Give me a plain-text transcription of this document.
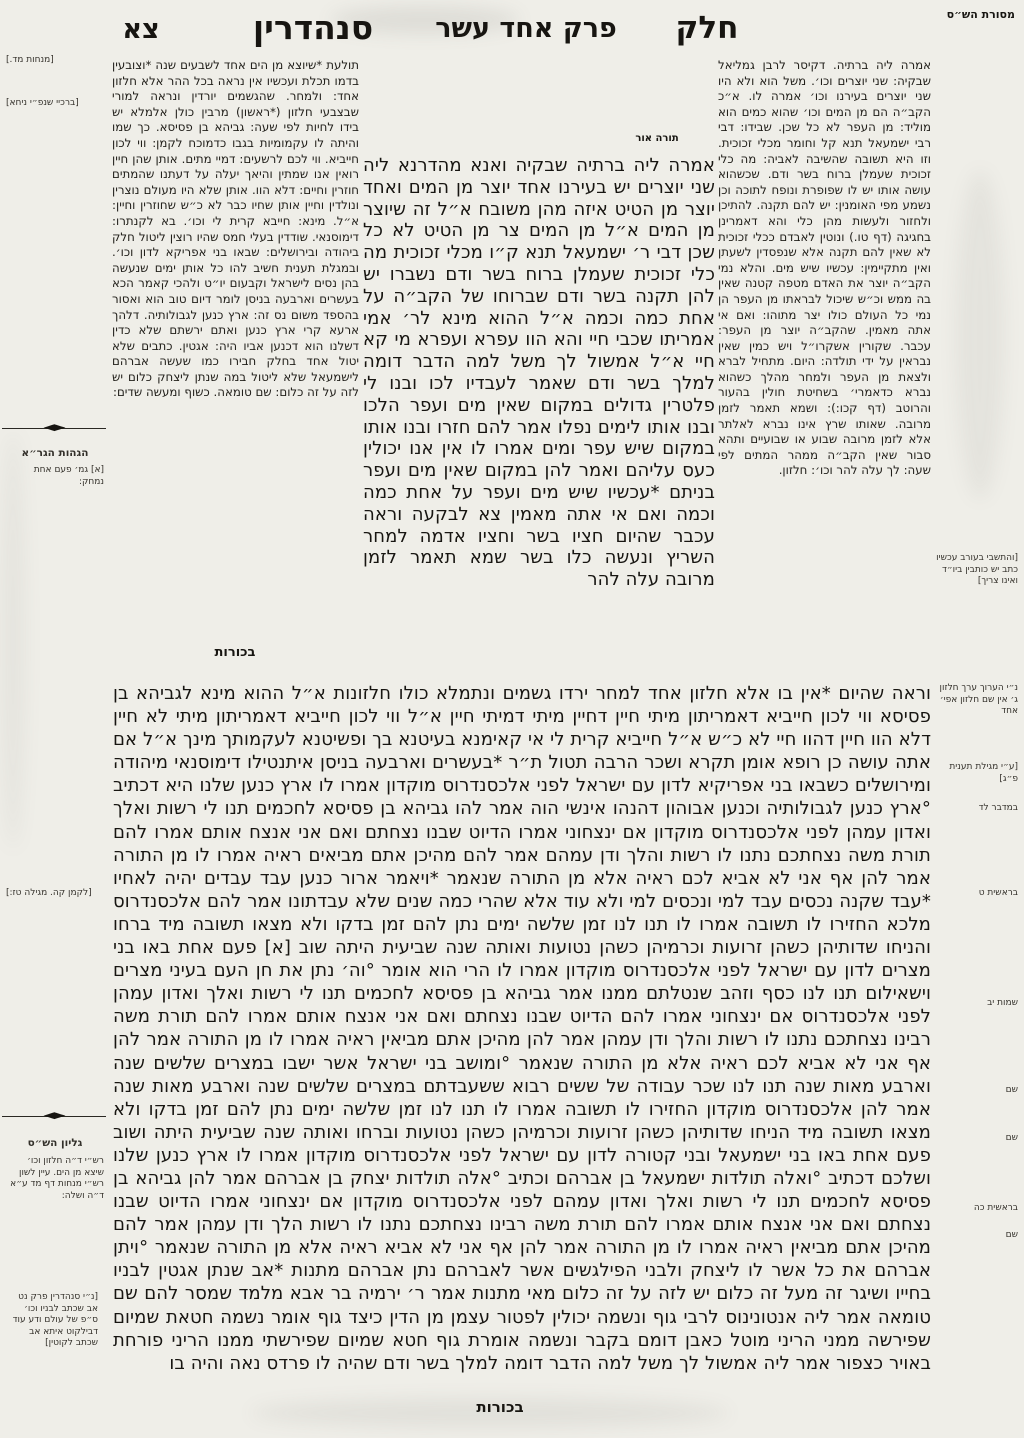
מסורת הש״ס
חלק
פרק אחד עשר
סנהדרין
צא
תורה אור
אמרה ליה ברתיה. דקיסר לרבן גמליאל שבקיה: שני יוצרים וכו׳. משל הוא ולא היו שני יוצרים בעירנו וכו׳ אמרה לו. א״כ הקב״ה הם מן המים וכו׳ שהוא כמים הוא מוליד: מן העפר לא כל שכן. שבידו: דבי רבי ישמעאל תנא קל וחומר מכלי זכוכית. וזו היא תשובה שהשיבה לאביה: מה כלי זכוכית שעמלן ברוח בשר ודם. שכשהוא עושה אותו יש לו שפופרת ונופח לתוכה וכן נשמע מפי האומנין: יש להם תקנה. להתיכן ולחזור ולעשות מהן כלי והא דאמרינן בחגיגה (דף טו.) ונוטין לאבדם ככלי זכוכית לא שאין להם תקנה אלא שנפסדין לשעתן ואין מתקיימין: עכשיו שיש מים. והלא נמי הקב״ה יוצר את האדם מטפה קטנה שאין בה ממש וכ״ש שיכול לבראתו מן העפר הן נמי כל העולם כולו יצר מתוהו: ואם אי אתה מאמין. שהקב״ה יוצר מן העפר: עכבר. שקורין אשקרו״ל ויש כמין שאין נבראין על ידי תולדה: היום. מתחיל לברא ולצאת מן העפר ולמחר מהלך כשהוא נברא כדאמרי׳ בשחיטת חולין בהעור והרוטב (דף קכו:): ושמא תאמר לזמן מרובה. שאותו שרץ אינו נברא לאלתר אלא לזמן מרובה שבוע או שבועיים ותהא סבור שאין הקב״ה ממהר המתים לפי שעה: לך עלה להר וכו׳: חלזון.
אמרה ליה ברתיה שבקיה ואנא מהדרנא ליה שני יוצרים יש בעירנו אחד יוצר מן המים ואחד יוצר מן הטיט איזה מהן משובח א״ל זה שיוצר מן המים א״ל מן המים צר מן הטיט לא כל שכן דבי ר׳ ישמעאל תנא ק״ו מכלי זכוכית מה כלי זכוכית שעמלן ברוח בשר ודם נשברו יש להן תקנה בשר ודם שברוחו של הקב״ה על אחת כמה וכמה א״ל ההוא מינא לר׳ אמי אמריתו שכבי חיי והא הוו עפרא ועפרא מי קא חיי א״ל אמשול לך משל למה הדבר דומה למלך בשר ודם שאמר לעבדיו לכו ובנו לי פלטרין גדולים במקום שאין מים ועפר הלכו ובנו אותו לימים נפלו אמר להם חזרו ובנו אותו במקום שיש עפר ומים אמרו לו אין אנו יכולין כעס עליהם ואמר להן במקום שאין מים ועפר בניתם *עכשיו שיש מים ועפר על אחת כמה וכמה ואם אי אתה מאמין צא לבקעה וראה עכבר שהיום חציו בשר וחציו אדמה למחר השריץ ונעשה כלו בשר שמא תאמר לזמן מרובה עלה להר
תולעת *שיוצא מן הים אחד לשבעים שנה *וצובעין בדמו תכלת ועכשיו אין נראה בכל ההר אלא חלזון אחד: ולמחר. שהגשמים יורדין ונראה למורי שבצבעי חלזון (*ראשון) מרבין כולן אלמלא יש בידו לחיות לפי שעה: גביהא בן פסיסא. כך שמו והיתה לו עקמומיות בגבו כדמוכח לקמן: ווי לכון חייביא. ווי לכם לרשעים: דמיי מתים. אותן שהן חיין רואין אנו שמתין והיאך יעלה על דעתנו שהמתים חוזרין וחיים: דלא הוו. אותן שלא היו מעולם נוצרין ונולדין וחיין אותן שחיו כבר לא כ״ש שחוזרין וחיין: א״ל. מינא: חייבא קרית לי וכו׳. בא לקנתרו: דימוסנאי. שודדין בעלי חמס שהיו רוצין ליטול חלק ביהודה ובירושלים: שבאו בני אפריקא לדון וכו׳. ובמגלת תענית חשיב להו כל אותן ימים שנעשה בהן נסים לישראל וקבעום יו״ט ולהכי קאמר הכא בעשרים וארבעה בניסן לומר דיום טוב הוא ואסור בהספד משום נס זה: ארץ כנען לגבולותיה. דלהך ארעא קרי ארץ כנען ואתם ירשתם שלא כדין דשלנו הוא דכנען אביו היה: אגטין. כתבים שלא יטול אחד בחלק חבירו כמו שעשה אברהם לישמעאל שלא ליטול במה שנתן ליצחק כלום יש לזה על זה כלום: שם טומאה. כשוף ומעשה שדים:
בכורות
וראה שהיום *אין בו אלא חלזון אחד למחר ירדו גשמים ונתמלא כולו חלזונות א״ל ההוא מינא לגביהא בן פסיסא ווי לכון חייביא דאמריתון מיתי חיין דחיין מיתי דמיתי חיין א״ל ווי לכון חייביא דאמריתון מיתי לא חיין דלא הוו חיין דהוו חיי לא כ״ש א״ל חייביא קרית לי אי קאימנא בעיטנא בך ופשיטנא לעקמותך מינך א״ל אם אתה עושה כן רופא אומן תקרא ושכר הרבה תטול ת״ר *בעשרים וארבעה בניסן איתנטילו דימוסנאי מיהודה ומירושלים כשבאו בני אפריקיא לדון עם ישראל לפני אלכסנדרוס מוקדון אמרו לו ארץ כנען שלנו היא דכתיב °ארץ כנען לגבולותיה וכנען אבוהון דהנהו אינשי הוה אמר להו גביהא בן פסיסא לחכמים תנו לי רשות ואלך ואדון עמהן לפני אלכסנדרוס מוקדון אם ינצחוני אמרו הדיוט שבנו נצחתם ואם אני אנצח אותם אמרו להם תורת משה נצחתכם נתנו לו רשות והלך ודן עמהם אמר להם מהיכן אתם מביאים ראיה אמרו לו מן התורה אמר להן אף אני לא אביא לכם ראיה אלא מן התורה שנאמר *ויאמר ארור כנען עבד עבדים יהיה לאחיו *עבד שקנה נכסים עבד למי ונכסים למי ולא עוד אלא שהרי כמה שנים שלא עבדתונו אמר להם אלכסנדרוס מלכא החזירו לו תשובה אמרו לו תנו לנו זמן שלשה ימים נתן להם זמן בדקו ולא מצאו תשובה מיד ברחו והניחו שדותיהן כשהן זרועות וכרמיהן כשהן נטועות ואותה שנה שביעית היתה שוב [א] פעם אחת באו בני מצרים לדון עם ישראל לפני אלכסנדרוס מוקדון אמרו לו הרי הוא אומר °וה׳ נתן את חן העם בעיני מצרים וישאילום תנו לנו כסף וזהב שנטלתם ממנו אמר גביהא בן פסיסא לחכמים תנו לי רשות ואלך ואדון עמהן לפני אלכסנדרוס אם ינצחוני אמרו להם הדיוט שבנו נצחתם ואם אני אנצח אותם אמרו להם תורת משה רבינו נצחתכם נתנו לו רשות והלך ודן עמהן אמר להן מהיכן אתם מביאין ראיה אמרו לו מן התורה אמר להן אף אני לא אביא לכם ראיה אלא מן התורה שנאמר °ומושב בני ישראל אשר ישבו במצרים שלשים שנה וארבע מאות שנה תנו לנו שכר עבודה של ששים רבוא ששעבדתם במצרים שלשים שנה וארבע מאות שנה אמר להן אלכסנדרוס מוקדון החזירו לו תשובה אמרו לו תנו לנו זמן שלשה ימים נתן להם זמן בדקו ולא מצאו תשובה מיד הניחו שדותיהן כשהן זרועות וכרמיהן כשהן נטועות וברחו ואותה שנה שביעית היתה ושוב פעם אחת באו בני ישמעאל ובני קטורה לדון עם ישראל לפני אלכסנדרוס מוקדון אמרו לו ארץ כנען שלנו ושלכם דכתיב °ואלה תולדות ישמעאל בן אברהם וכתיב °אלה תולדות יצחק בן אברהם אמר להן גביהא בן פסיסא לחכמים תנו לי רשות ואלך ואדון עמהם לפני אלכסנדרוס מוקדון אם ינצחוני אמרו הדיוט שבנו נצחתם ואם אני אנצח אותם אמרו להם תורת משה רבינו נצחתכם נתנו לו רשות הלך ודן עמהן אמר להם מהיכן אתם מביאין ראיה אמרו לו מן התורה אמר להן אף אני לא אביא ראיה אלא מן התורה שנאמר °ויתן אברהם את כל אשר לו ליצחק ולבני הפילגשים אשר לאברהם נתן אברהם מתנות *אב שנתן אגטין לבניו בחייו ושיגר זה מעל זה כלום יש לזה על זה כלום מאי מתנות אמר ר׳ ירמיה בר אבא מלמד שמסר להם שם טומאה אמר ליה אנטונינוס לרבי גוף ונשמה יכולין לפטור עצמן מן הדין כיצד גוף אומר נשמה חטאת שמיום שפירשה ממני הריני מוטל כאבן דומם בקבר ונשמה אומרת גוף חטא שמיום שפירשתי ממנו הריני פורחת באויר כצפור אמר ליה אמשול לך משל למה הדבר דומה למלך בשר ודם שהיה לו פרדס נאה והיה בו
בכורות
[והתשבי בעורב עכשיו כתב יש כותבין ביו״ד ואינו צריך]
נ״י הערוך ערך חלזון ג׳ אין שם חלזון אפי׳ אחד
[ע״י מגילת תענית פ״ג]
במדבר לד
בראשית ט
שמות יב
שם
שם
בראשית כה
שם
[מנחות מד.]
[ברכיי שנפ״י ניחא]
◆
הגהות הגר״א
[א] גמ׳ פעם אחת נמחק:
[לקמן קה. מגילה טז:]
◆
גליון הש״ס
רש״י ד״ה חלזון וכו׳ שיצא מן הים. עיין לשון רש״י מנחות דף מד ע״א ד״ה ושלה:
[נ״י סנהדרין פרק נט אב שכתב לבניו וכו׳ ס״פ של עולם ודע עוד דבילקוט איתא אב שכתב לקוטין]
